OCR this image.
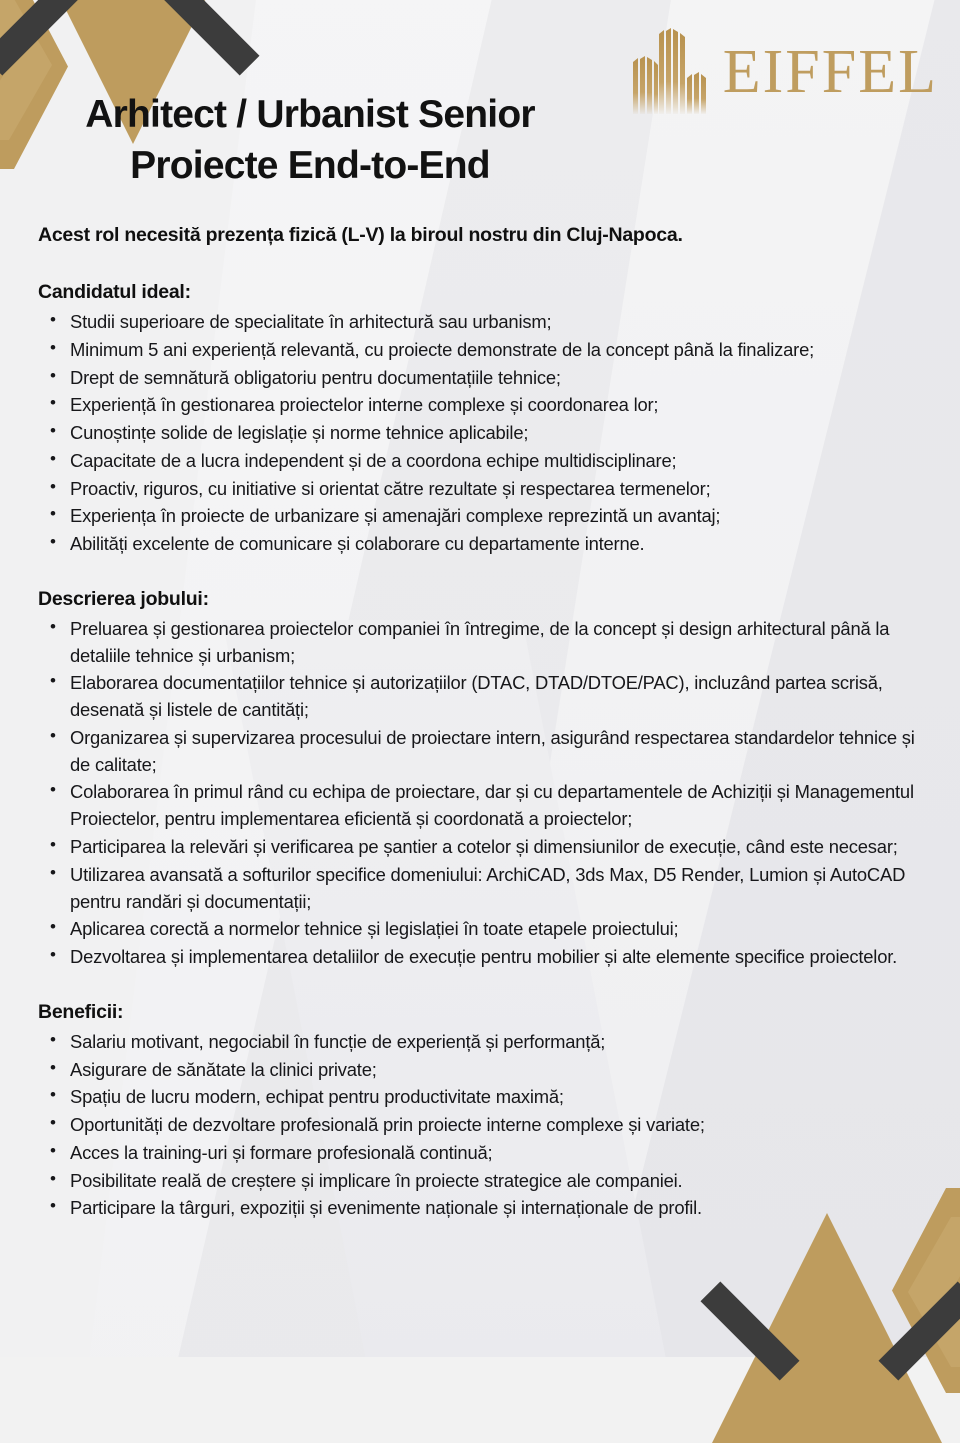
EIFFEL
Arhitect / Urbanist Senior
Proiecte End-to-End
Acest rol necesită prezența fizică (L-V) la biroul nostru din Cluj-Napoca.
Candidatul ideal:
• Studii superioare de specialitate în arhitectură sau urbanism;
• Minimum 5 ani experiență relevantă, cu proiecte demonstrate de la concept până la finalizare;
• Drept de semnătură obligatoriu pentru documentațiile tehnice;
• Experiență în gestionarea proiectelor interne complexe și coordonarea lor;
• Cunoștințe solide de legislație și norme tehnice aplicabile;
• Capacitate de a lucra independent și de a coordona echipe multidisciplinare;
• Proactiv, riguros, cu initiative si orientat către rezultate și respectarea termenelor;
• Experiența în proiecte de urbanizare și amenajări complexe reprezintă un avantaj;
• Abilități excelente de comunicare și colaborare cu departamente interne.
Descrierea jobului:
• Preluarea și gestionarea proiectelor companiei în întregime, de la concept și design arhitectural până la detaliile tehnice și urbanism;
• Elaborarea documentațiilor tehnice și autorizațiilor (DTAC, DTAD/DTOE/PAC), incluzând partea scrisă, desenată și listele de cantități;
• Organizarea și supervizarea procesului de proiectare intern, asigurând respectarea standardelor tehnice și de calitate;
• Colaborarea în primul rând cu echipa de proiectare, dar și cu departamentele de Achiziții și Managementul Proiectelor, pentru implementarea eficientă și coordonată a proiectelor;
• Participarea la relevări și verificarea pe șantier a cotelor și dimensiunilor de execuție, când este necesar;
• Utilizarea avansată a softurilor specifice domeniului: ArchiCAD, 3ds Max, D5 Render, Lumion și AutoCAD pentru randări și documentații;
• Aplicarea corectă a normelor tehnice și legislației în toate etapele proiectului;
• Dezvoltarea și implementarea detaliilor de execuție pentru mobilier și alte elemente specifice proiectelor.
Beneficii:
• Salariu motivant, negociabil în funcție de experiență și performanță;
• Asigurare de sănătate la clinici private;
• Spațiu de lucru modern, echipat pentru productivitate maximă;
• Oportunități de dezvoltare profesională prin proiecte interne complexe și variate;
• Acces la training-uri și formare profesională continuă;
• Posibilitate reală de creștere și implicare în proiecte strategice ale companiei.
• Participare la târguri, expoziții și evenimente naționale și internaționale de profil.
